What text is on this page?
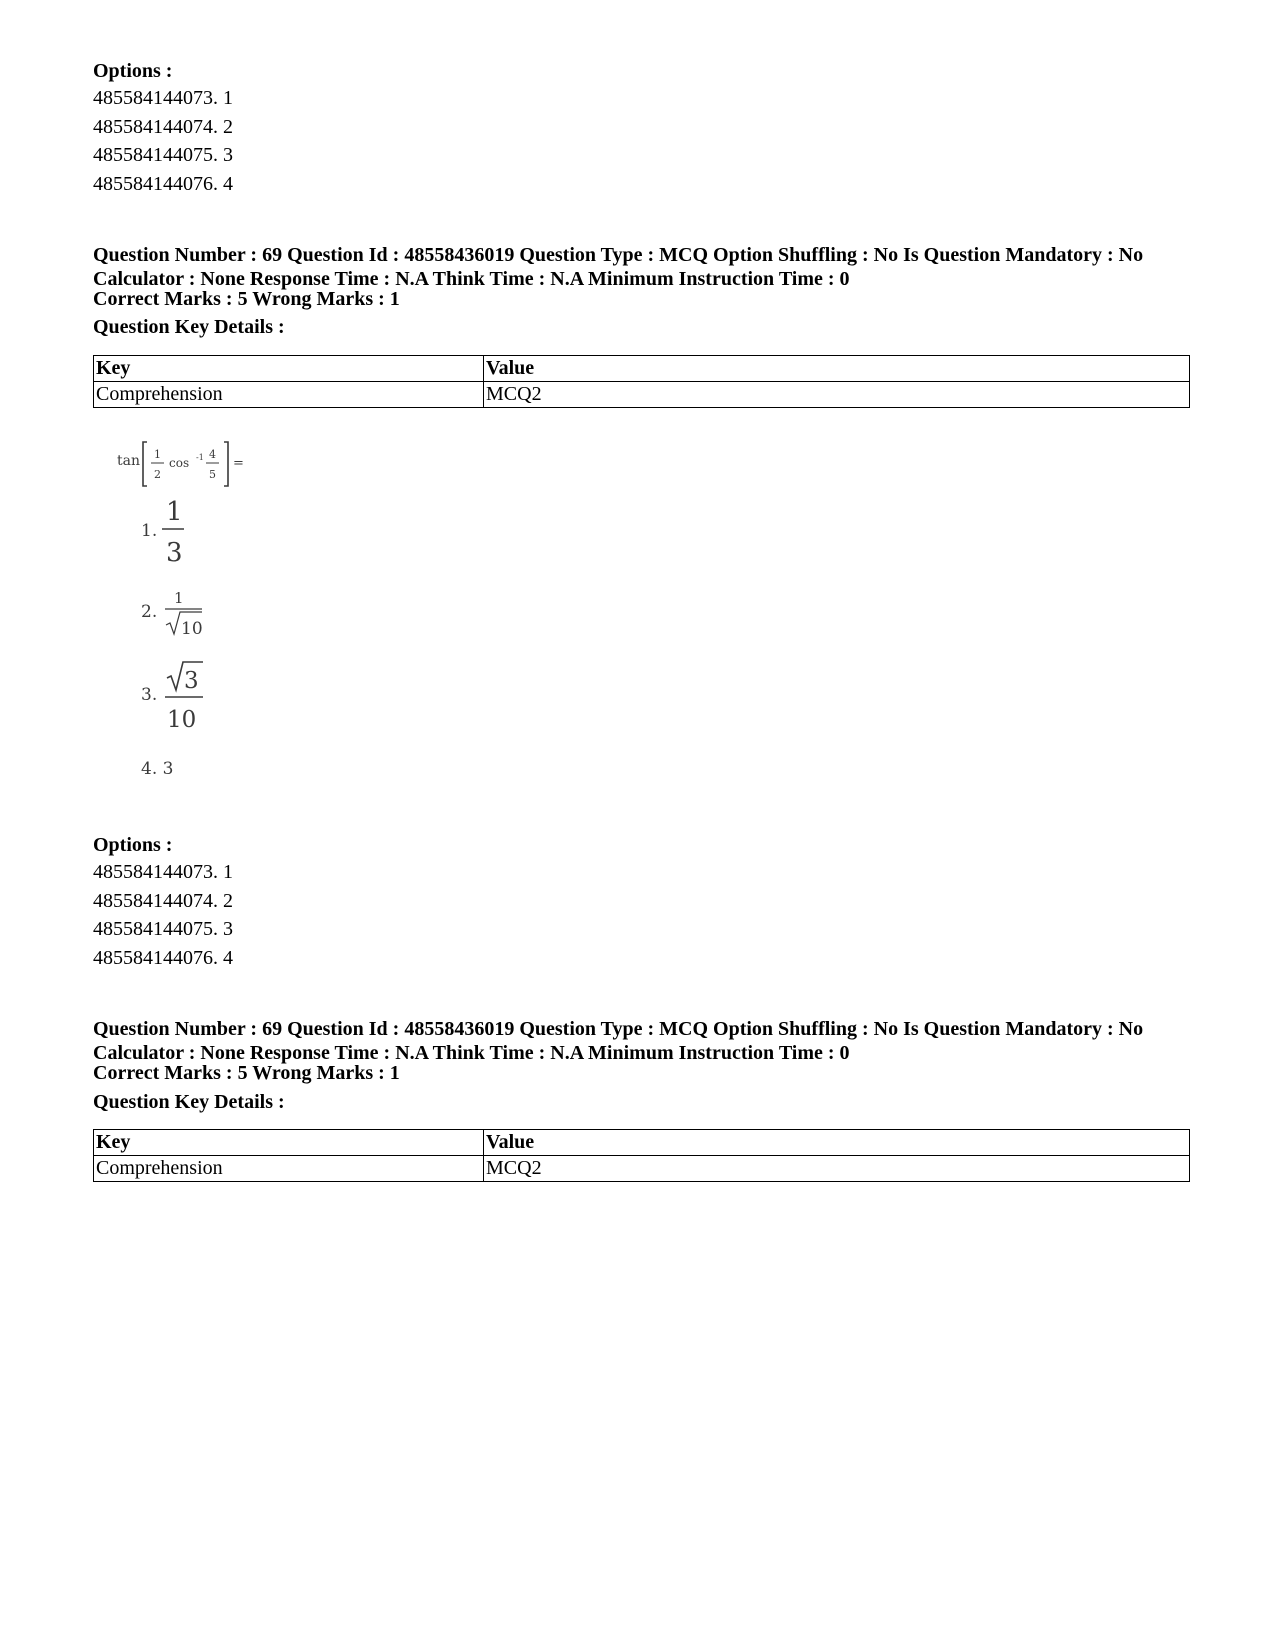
Options :
485584144073. 1
485584144074. 2
485584144075. 3
485584144076. 4
Question Number : 69 Question Id : 48558436019 Question Type : MCQ Option Shuffling : No Is Question Mandatory : No Calculator : None Response Time : N.A Think Time : N.A Minimum Instruction Time : 0
Correct Marks : 5 Wrong Marks : 1
Question Key Details :
Key	Value
Comprehension	MCQ2
tan 1
2
cos -1 4
5
=
1.
1
3
2.
1
10
3.
3
10
4. 3
Options :
485584144073. 1
485584144074. 2
485584144075. 3
485584144076. 4
Question Number : 69 Question Id : 48558436019 Question Type : MCQ Option Shuffling : No Is Question Mandatory : No Calculator : None Response Time : N.A Think Time : N.A Minimum Instruction Time : 0
Correct Marks : 5 Wrong Marks : 1
Question Key Details :
Key	Value
Comprehension	MCQ2
